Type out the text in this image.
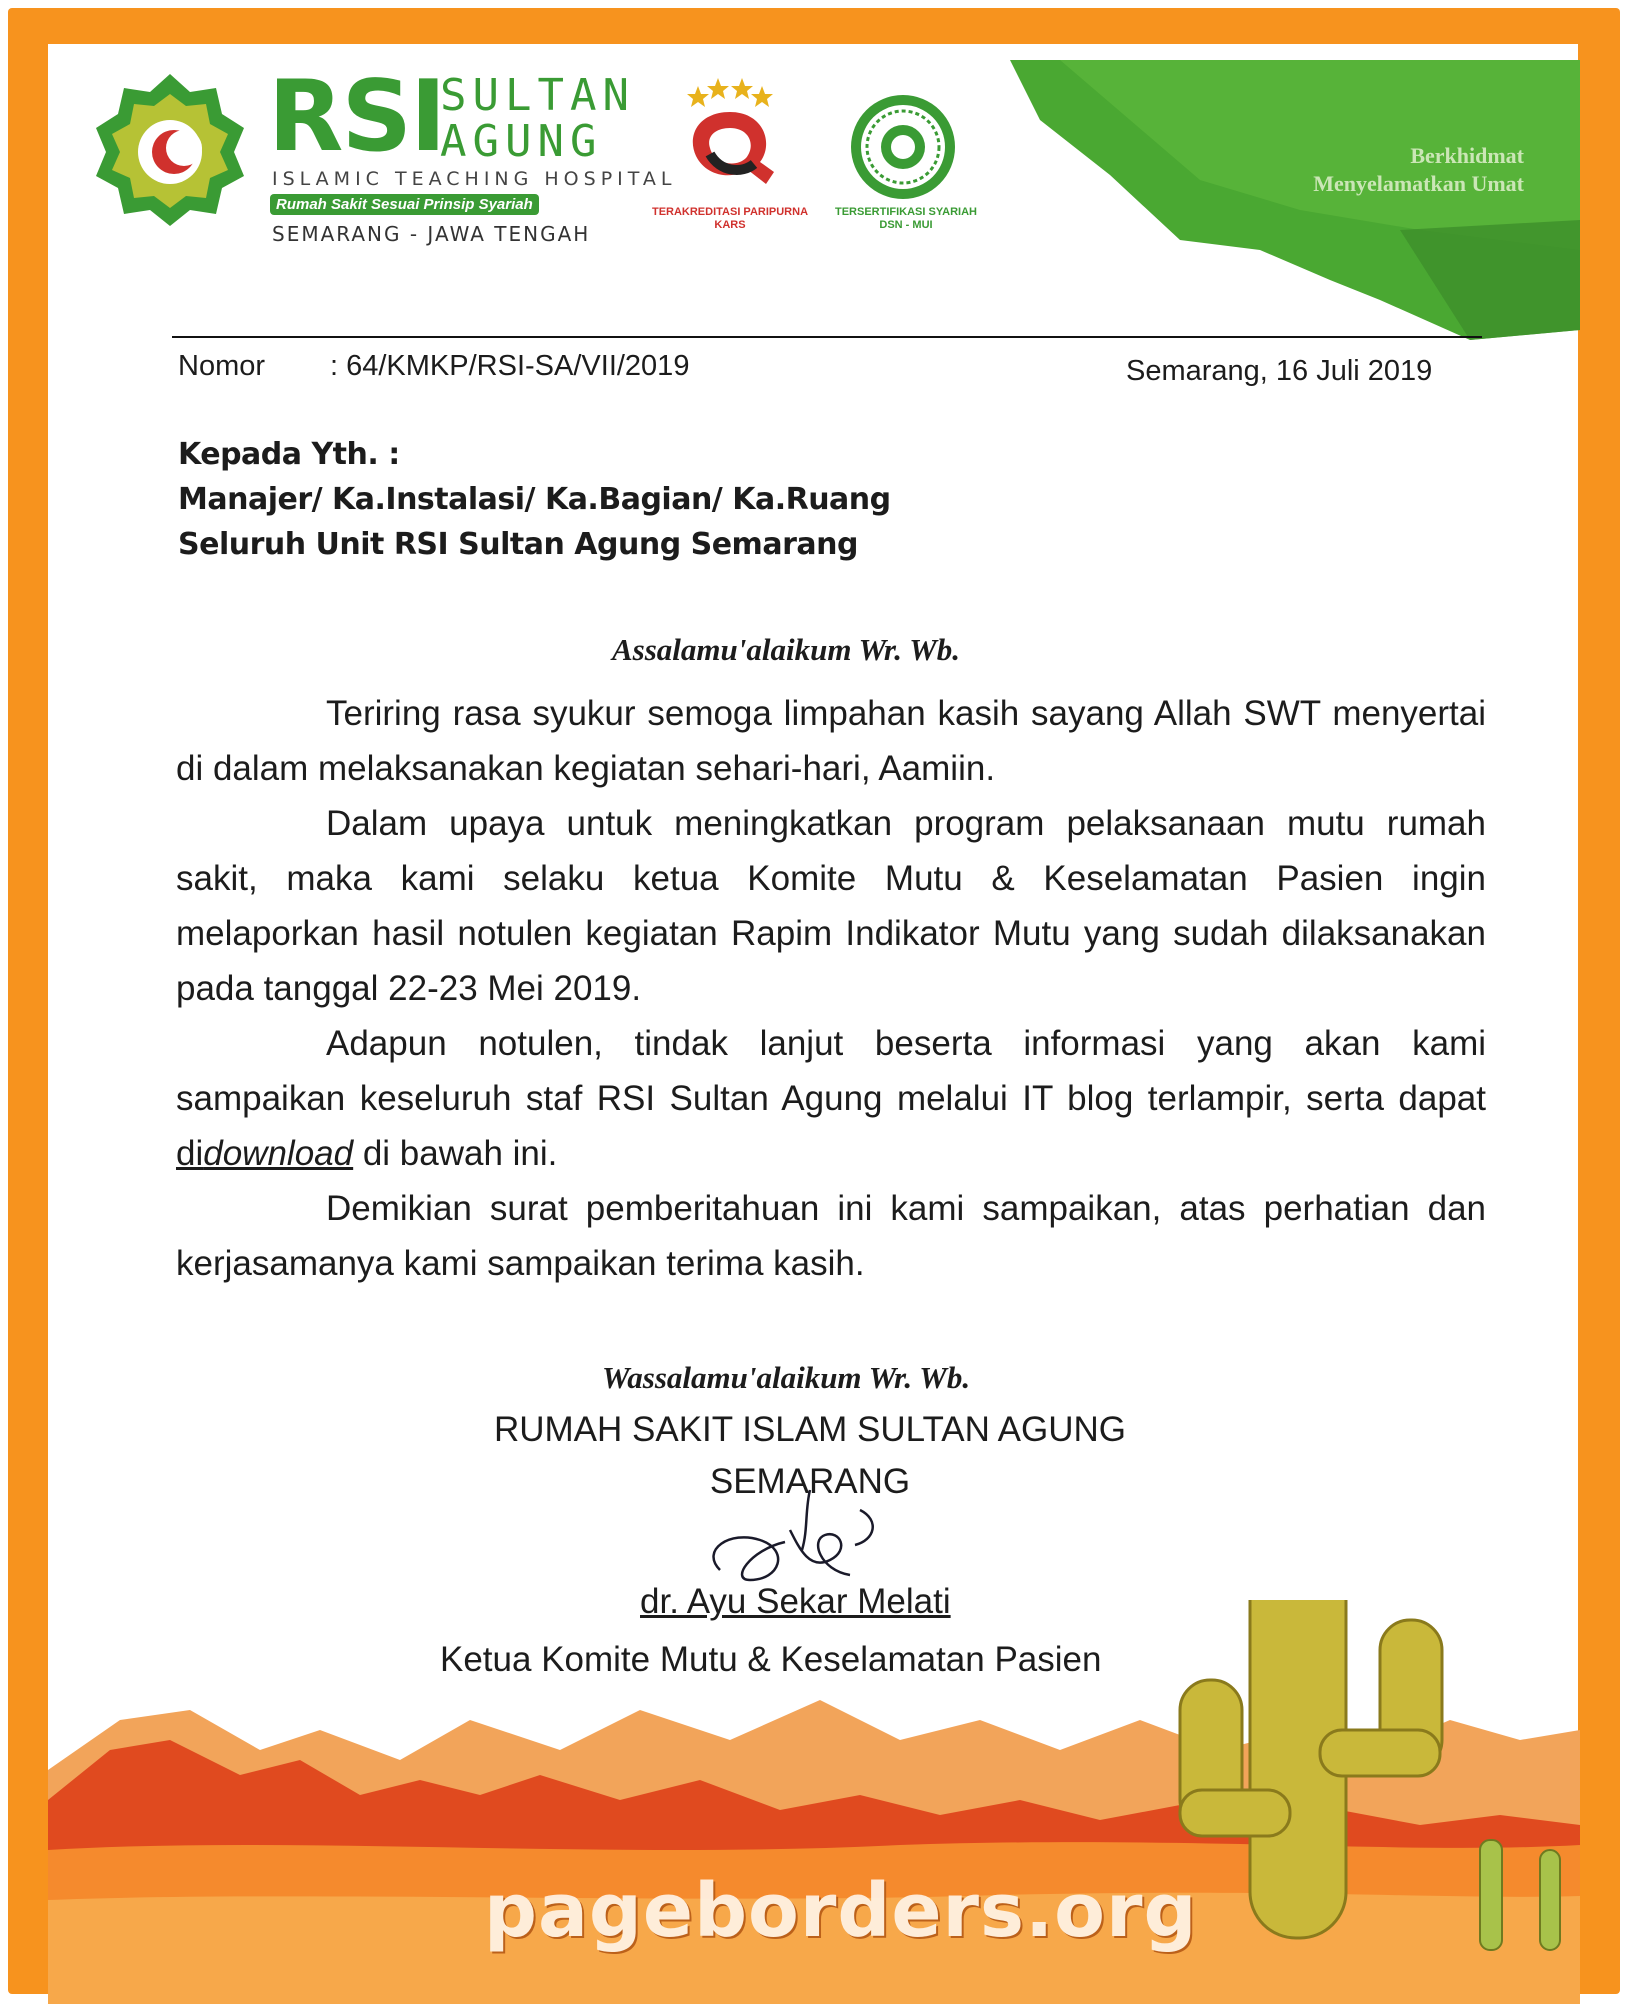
RSI
SULTAN
AGUNG
ISLAMIC TEACHING HOSPITAL
Rumah Sakit Sesuai Prinsip Syariah
SEMARANG - JAWA TENGAH
TERAKREDITASI PARIPURNA
KARS
TERSERTIFIKASI SYARIAH
DSN - MUI
Berkhidmat
Menyelamatkan Umat
Nomor : 64/KMKP/RSI-SA/VII/2019	Semarang, 16 Juli 2019
Kepada Yth. :
Manajer/ Ka.Instalasi/ Ka.Bagian/ Ka.Ruang
Seluruh Unit RSI Sultan Agung Semarang
Assalamu'alaikum Wr. Wb.

Teriring rasa syukur semoga limpahan kasih sayang Allah SWT menyertai di dalam melaksanakan kegiatan sehari-hari, Aamiin.

Dalam upaya untuk meningkatkan program pelaksanaan mutu rumah sakit, maka kami selaku ketua Komite Mutu & Keselamatan Pasien ingin melaporkan hasil notulen kegiatan Rapim Indikator Mutu yang sudah dilaksanakan pada tanggal 22-23 Mei 2019.

Adapun notulen, tindak lanjut beserta informasi yang akan kami sampaikan keseluruh staf RSI Sultan Agung melalui IT blog terlampir, serta dapat didownload di bawah ini.

Demikian surat pemberitahuan ini kami sampaikan, atas perhatian dan kerjasamanya kami sampaikan terima kasih.

Wassalamu'alaikum Wr. Wb.
RUMAH SAKIT ISLAM SULTAN AGUNG
SEMARANG
dr. Ayu Sekar Melati
Ketua Komite Mutu & Keselamatan Pasien
pageborders.org
